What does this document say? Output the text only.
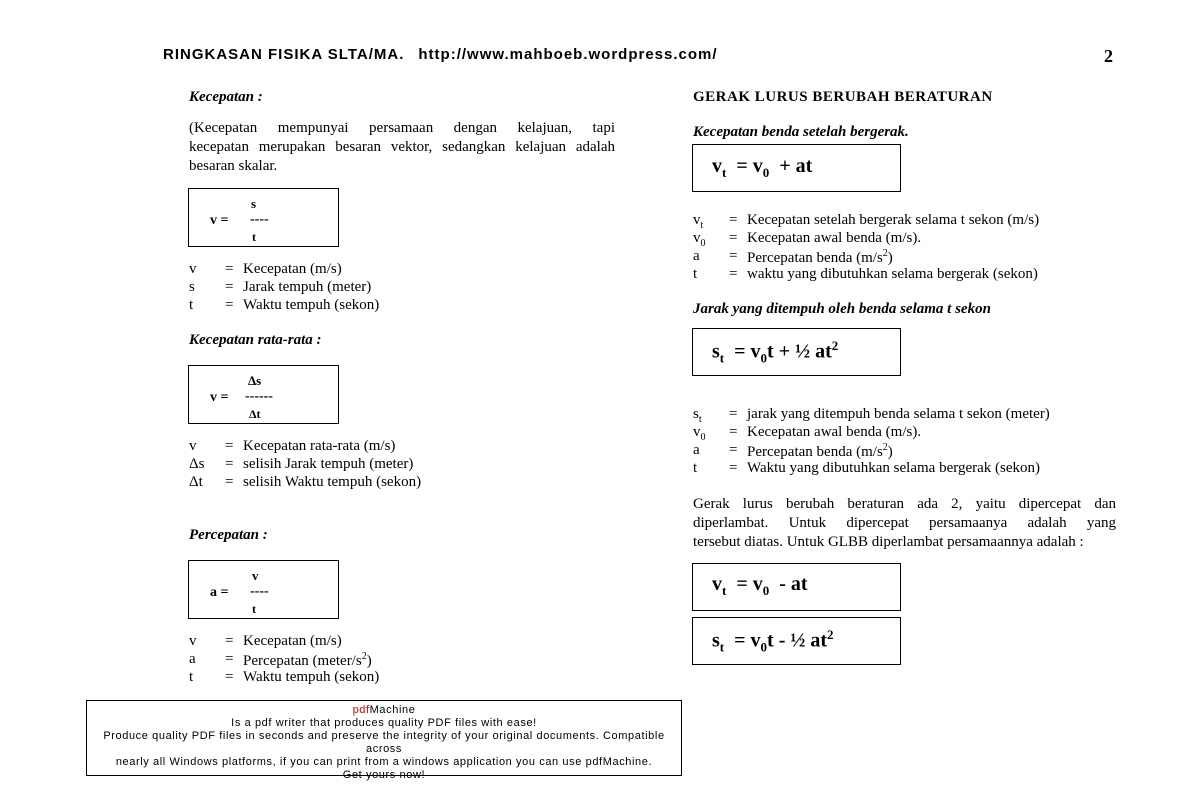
RINGKASAN FISIKA SLTA/MA. http://www.mahboeb.wordpress.com/	2
Kecepatan :
(Kecepatan mempunyai persamaan dengan kelajuan, tapi
kecepatan merupakan besaran vektor, sedangkan kelajuan adalah
besaran skalar.
s
v = ----
t
v = Kecepatan (m/s)
s = Jarak tempuh (meter)
t = Waktu tempuh (sekon)
Kecepatan rata-rata :
Δs
v = ------
Δt
v = Kecepatan rata-rata (m/s)
Δs = selisih Jarak tempuh (meter)
Δt = selisih Waktu tempuh (sekon)
Percepatan :
v
a = ----
t
v = Kecepatan (m/s)
a = Percepatan $(meter/s^2)$
t = Waktu tempuh (sekon)
GERAK LURUS BERUBAH BERATURAN
Kecepatan benda setelah bergerak.
$v_t = v_0$ + at
$v_t$ = Kecepatan setelah bergerak selama t sekon (m/s)
$v_0$ = Kecepatan awal benda (m/s).
a = Percepatan benda $(m/s^2)$
t = waktu yang dibutuhkan selama bergerak (sekon)
Jarak yang ditempuh oleh benda selama t sekon
$s_t = v_0t$ + ½ $at^2$
$s_t$ = jarak yang ditempuh benda selama t sekon (meter)
$v_0$ = Kecepatan awal benda (m/s).
a = Percepatan benda $(m/s^2)$
t = Waktu yang dibutuhkan selama bergerak (sekon)
Gerak lurus berubah beraturan ada 2, yaitu dipercepat dan
diperlambat. Untuk dipercepat persamaanya adalah yang
tersebut diatas. Untuk GLBB diperlambat persamaannya adalah :
$v_t = v_0$ - at
$s_t = v_0t$ - ½ $at^2$
pdfMachine
Is a pdf writer that produces quality PDF files with ease!
Produce quality PDF files in seconds and preserve the integrity of your original documents. Compatible across
nearly all Windows platforms, if you can print from a windows application you can use pdfMachine.
Get yours now!
